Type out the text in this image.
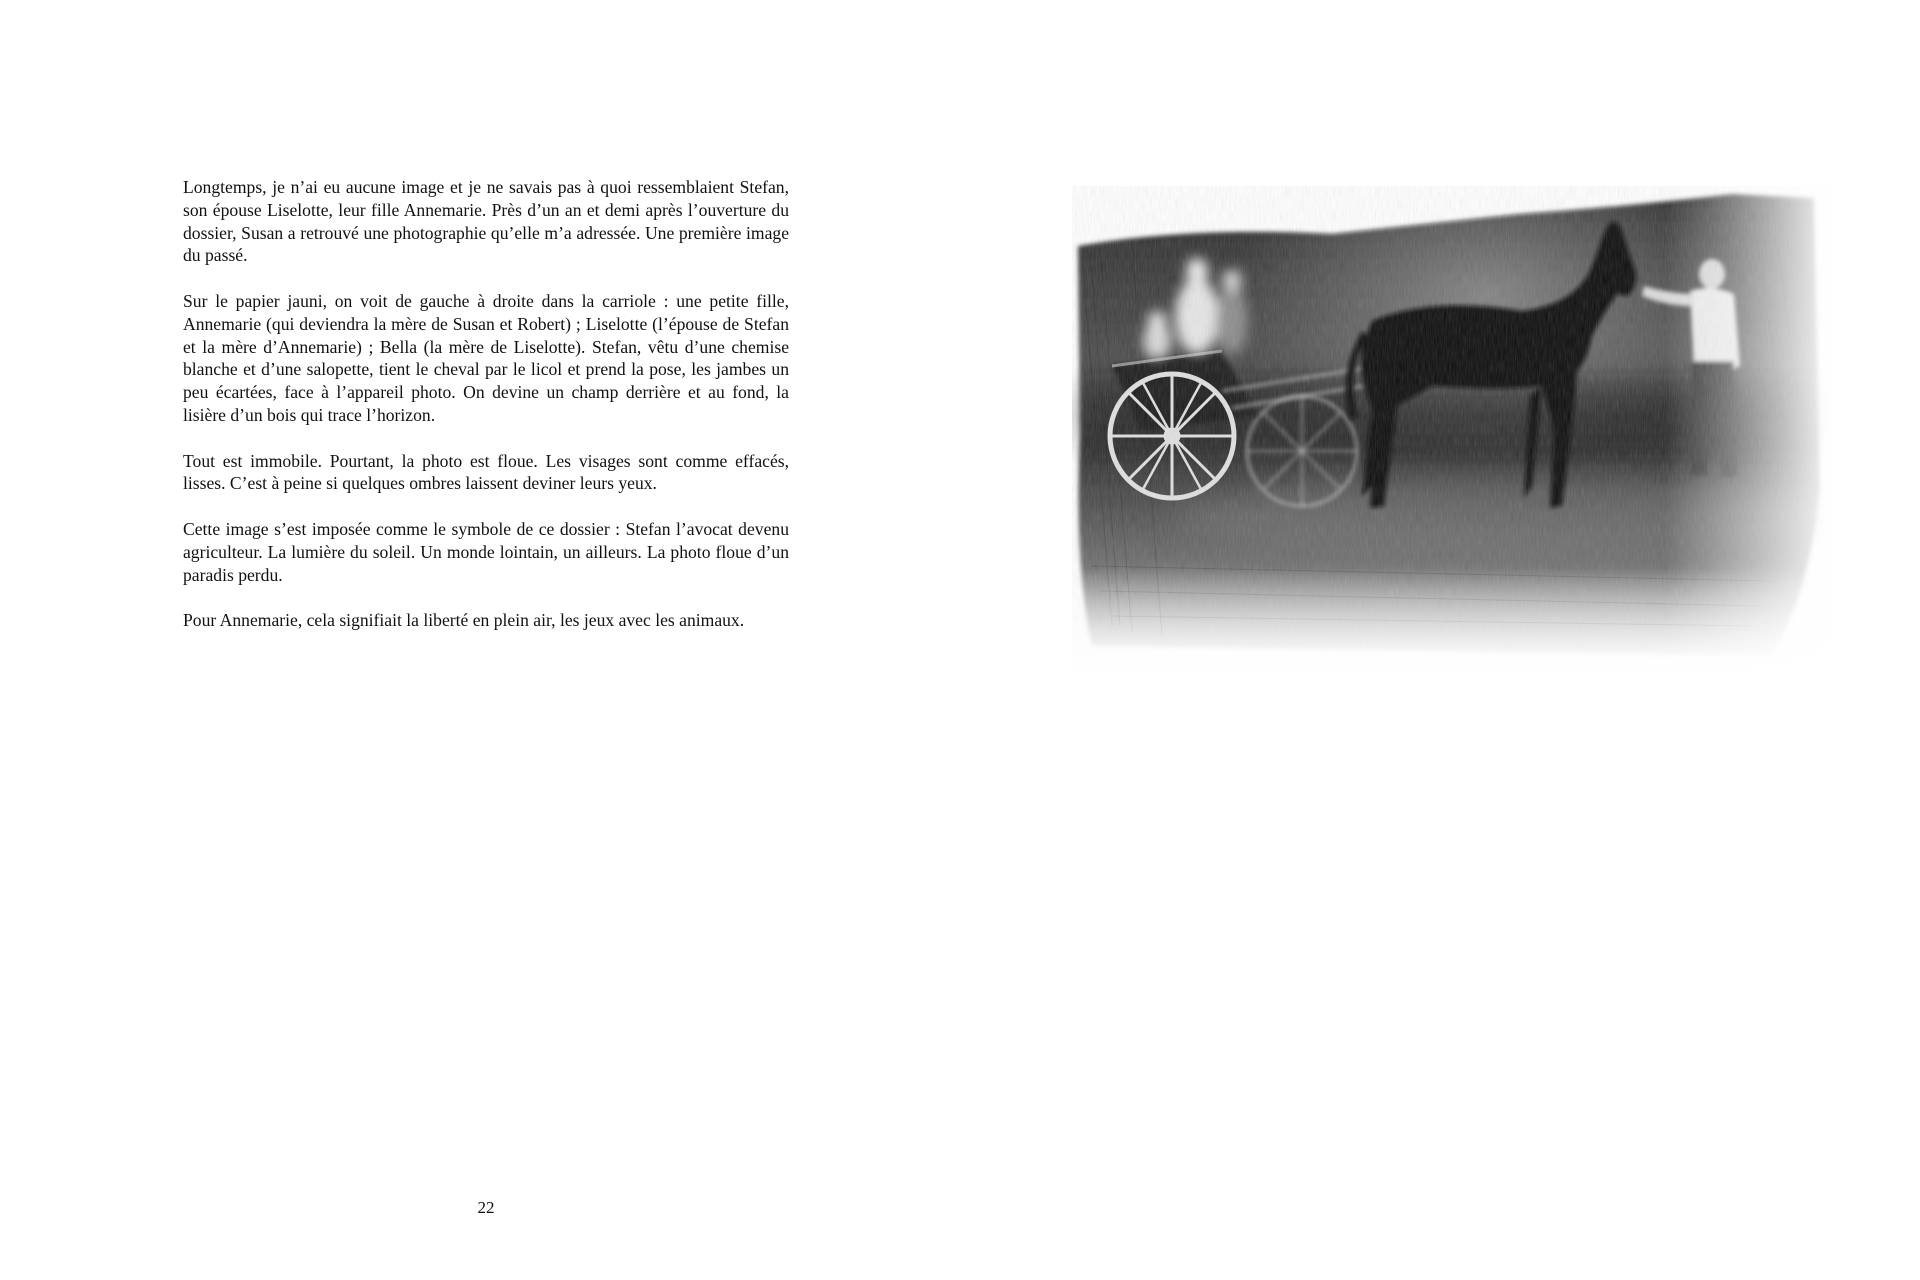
Longtemps, je n’ai eu aucune image et je ne savais pas à quoi ressemblaient Stefan, son épouse Liselotte, leur fille Annemarie. Près d’un an et demi après l’ouverture du dossier, Susan a retrouvé une photographie qu’elle m’a adressée. Une première image du passé.

Sur le papier jauni, on voit de gauche à droite dans la carriole : une petite fille, Annemarie (qui deviendra la mère de Susan et Robert) ; Liselotte (l’épouse de Stefan et la mère d’Annemarie) ; Bella (la mère de Liselotte). Stefan, vêtu d’une chemise blanche et d’une salopette, tient le cheval par le licol et prend la pose, les jambes un peu écartées, face à l’appareil photo. On devine un champ derrière et au fond, la lisière d’un bois qui trace l’horizon.

Tout est immobile. Pourtant, la photo est floue. Les visages sont comme effacés, lisses. C’est à peine si quelques ombres laissent deviner leurs yeux.

Cette image s’est imposée comme le symbole de ce dossier : Stefan l’avocat devenu agriculteur. La lumière du soleil. Un monde lointain, un ailleurs. La photo floue d’un paradis perdu.

Pour Annemarie, cela signifiait la liberté en plein air, les jeux avec les animaux.

22
